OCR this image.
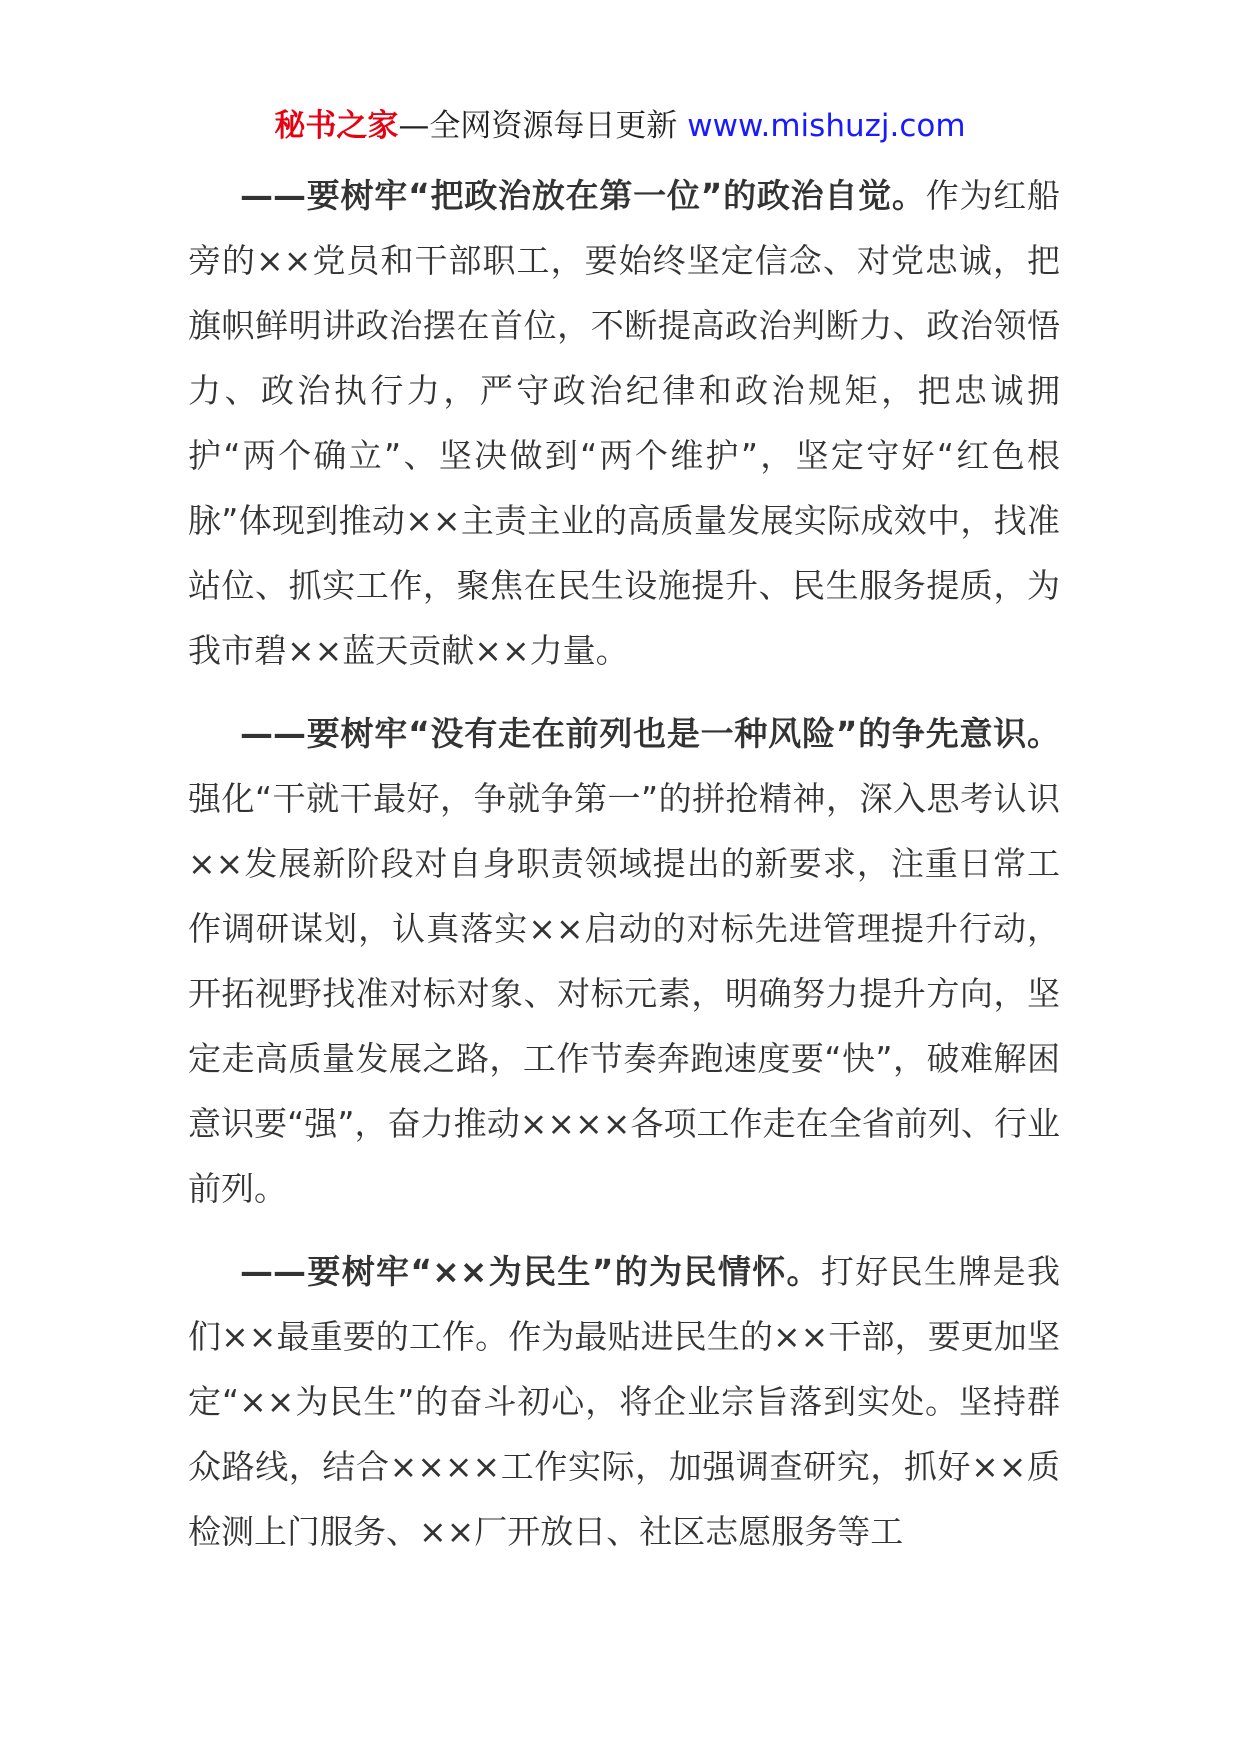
秘书之家—全网资源每日更新 www.mishuzj.com

——要树牢“把政治放在第一位”的政治自觉。作为红船旁的××党员和干部职工，要始终坚定信念、对党忠诚，把旗帜鲜明讲政治摆在首位，不断提高政治判断力、政治领悟力、政治执行力，严守政治纪律和政治规矩，把忠诚拥护“两个确立”、坚决做到“两个维护”，坚定守好“红色根脉”体现到推动××主责主业的高质量发展实际成效中，找准站位、抓实工作，聚焦在民生设施提升、民生服务提质，为我市碧××蓝天贡献××力量。

——要树牢“没有走在前列也是一种风险”的争先意识。强化“干就干最好，争就争第一”的拼抢精神，深入思考认识××发展新阶段对自身职责领域提出的新要求，注重日常工作调研谋划，认真落实××启动的对标先进管理提升行动，开拓视野找准对标对象、对标元素，明确努力提升方向，坚定走高质量发展之路，工作节奏奔跑速度要“快”，破难解困意识要“强”，奋力推动××××各项工作走在全省前列、行业前列。

——要树牢“××为民生”的为民情怀。打好民生牌是我们××最重要的工作。作为最贴进民生的××干部，要更加坚定“××为民生”的奋斗初心，将企业宗旨落到实处。坚持群众路线，结合××××工作实际，加强调查研究，抓好××质检测上门服务、××厂开放日、社区志愿服务等工
